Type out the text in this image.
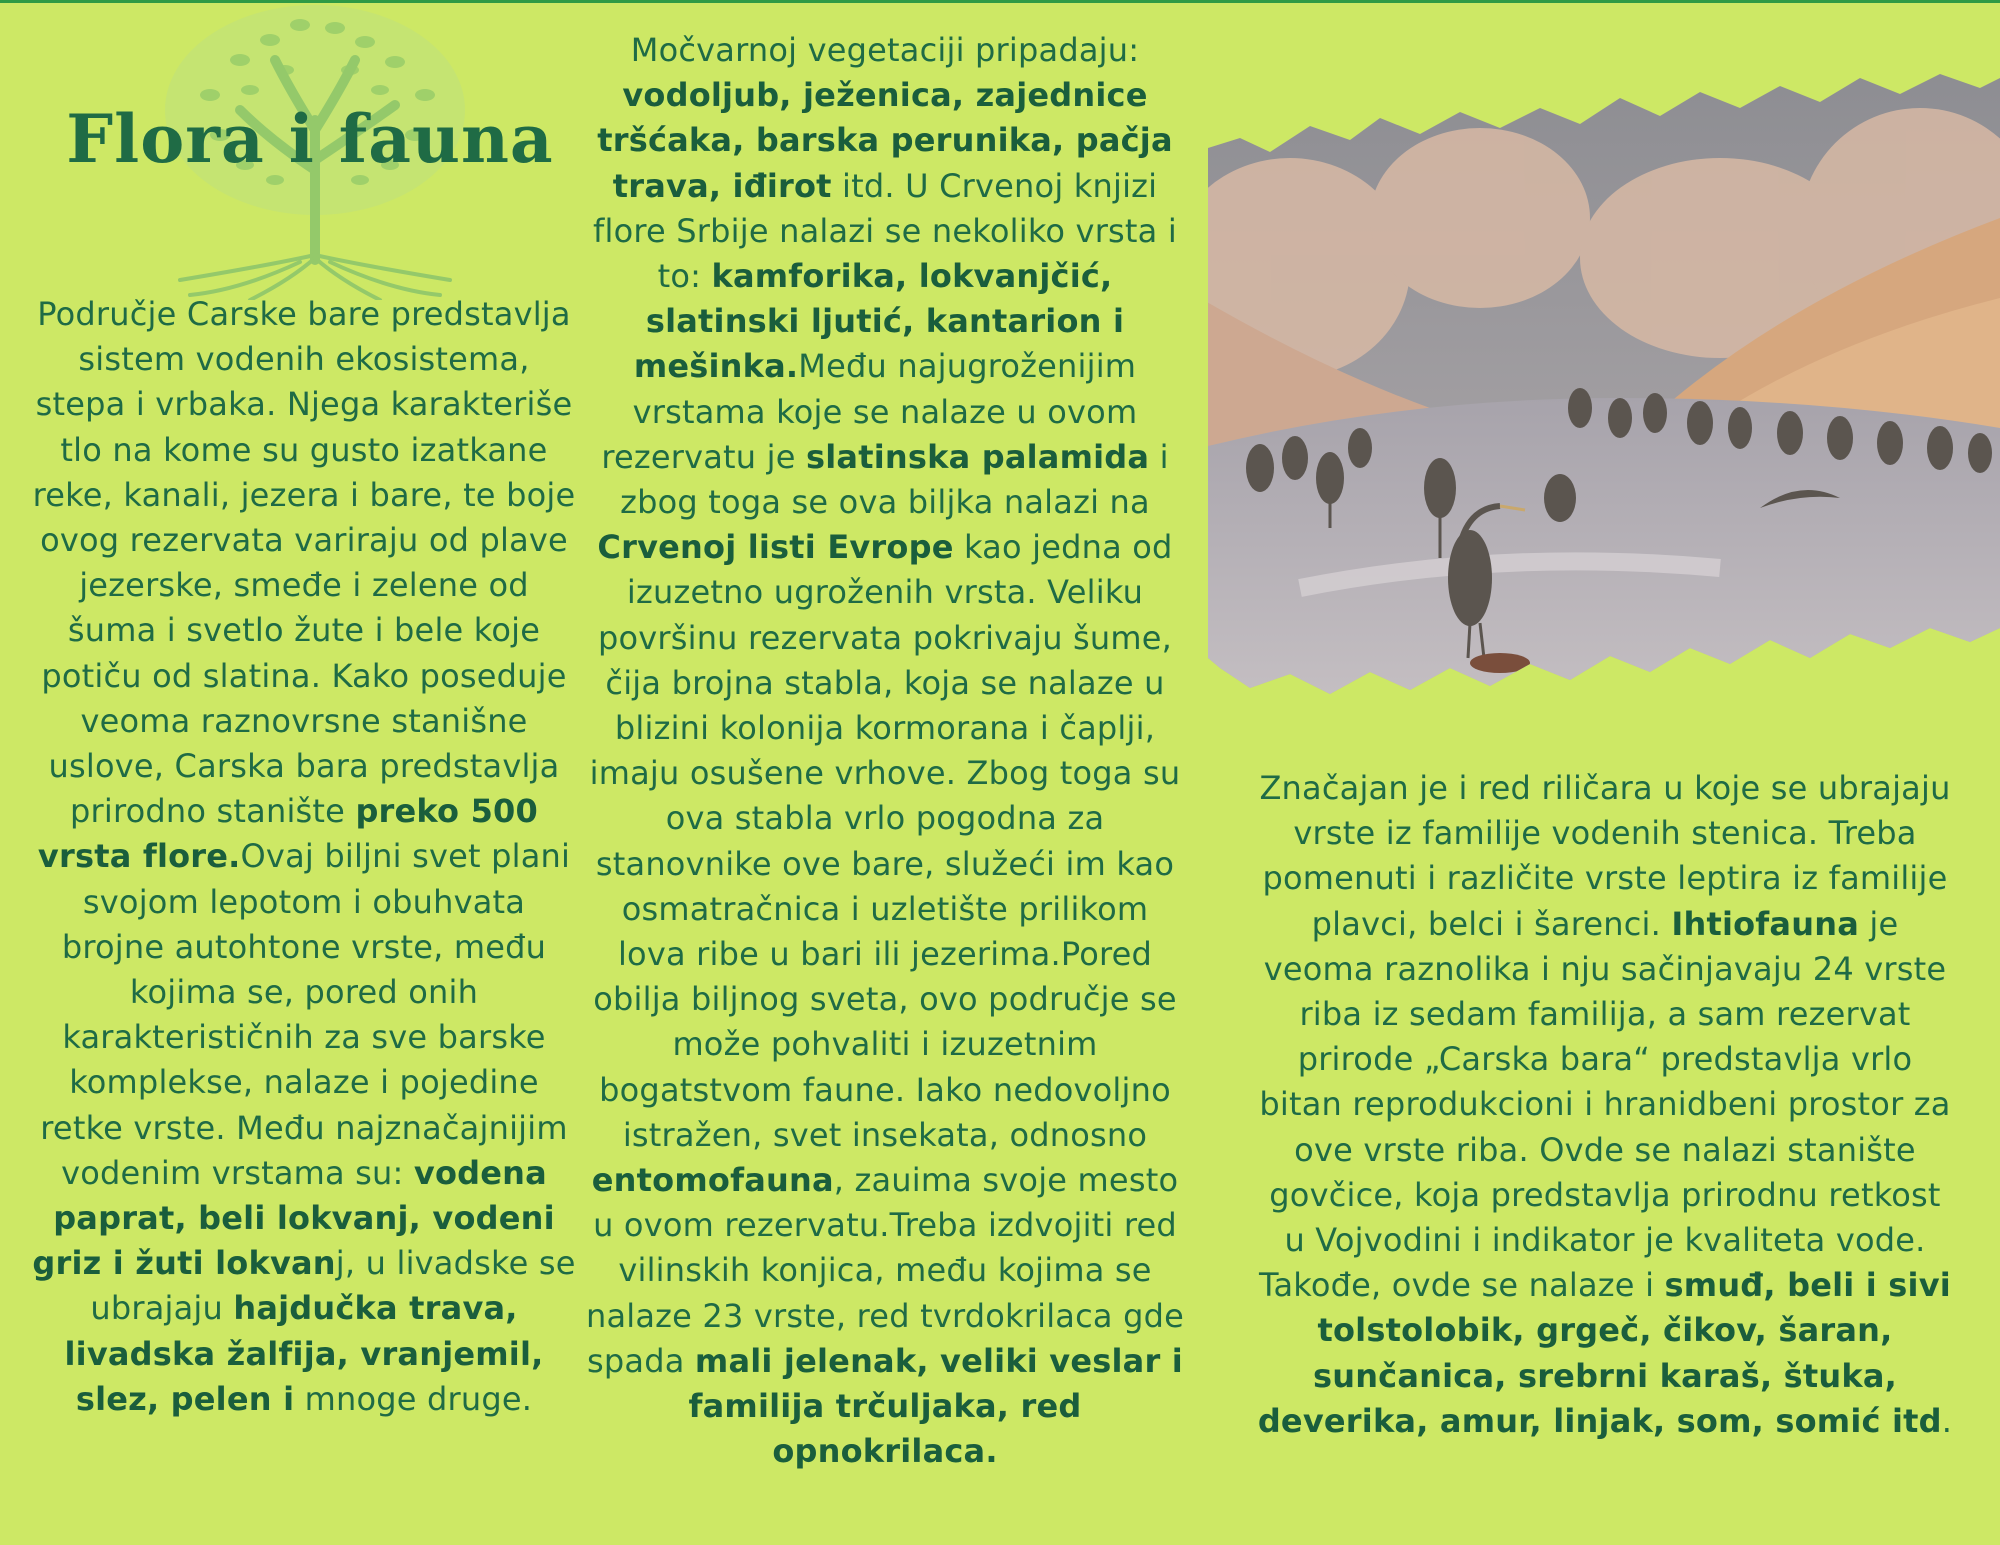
Flora i fauna
Područje Carske bare predstavlja sistem vodenih ekosistema, stepa i vrbaka. Njega karakteriše tlo na kome su gusto izatkane reke, kanali, jezera i bare, te boje ovog rezervata variraju od plave jezerske, smeđe i zelene od šuma i svetlo žute i bele koje potiču od slatina. Kako poseduje veoma raznovrsne stanišne uslove, Carska bara predstavlja prirodno stanište preko 500 vrsta flore.Ovaj biljni svet plani svojom lepotom i obuhvata brojne autohtone vrste, među kojima se, pored onih karakterističnih za sve barske komplekse, nalaze i pojedine retke vrste. Među najznačajnijim vodenim vrstama su: vodena paprat, beli lokvanj, vodeni griz i žuti lokvanj, u livadske se ubrajaju hajdučka trava, livadska žalfija, vranjemil, slez, pelen i mnoge druge.
Močvarnoj vegetaciji pripadaju: vodoljub, ježenica, zajednice tršćaka, barska perunika, pačja trava, iđirot itd. U Crvenoj knjizi flore Srbije nalazi se nekoliko vrsta i to: kamforika, lokvanjčić, slatinski ljutić, kantarion i mešinka.Među najugroženijim vrstama koje se nalaze u ovom rezervatu je slatinska palamida i zbog toga se ova biljka nalazi na Crvenoj listi Evrope kao jedna od izuzetno ugroženih vrsta. Veliku površinu rezervata pokrivaju šume, čija brojna stabla, koja se nalaze u blizini kolonija kormorana i čaplji, imaju osušene vrhove. Zbog toga su ova stabla vrlo pogodna za stanovnike ove bare, služeći im kao osmatračnica i uzletište prilikom lova ribe u bari ili jezerima.Pored obilja biljnog sveta, ovo područje se može pohvaliti i izuzetnim bogatstvom faune. Iako nedovoljno istražen, svet insekata, odnosno entomofauna, zauima svoje mesto u ovom rezervatu.Treba izdvojiti red vilinskih konjica, među kojima se nalaze 23 vrste, red tvrdokrilaca gde spada mali jelenak, veliki veslar i familija trčuljaka, red opnokrilaca.
Značajan je i red riličara u koje se ubrajaju vrste iz familije vodenih stenica. Treba pomenuti i različite vrste leptira iz familije plavci, belci i šarenci. Ihtiofauna je veoma raznolika i nju sačinjavaju 24 vrste riba iz sedam familija, a sam rezervat prirode „Carska bara“ predstavlja vrlo bitan reprodukcioni i hranidbeni prostor za ove vrste riba. Ovde se nalazi stanište govčice, koja predstavlja prirodnu retkost u Vojvodini i indikator je kvaliteta vode. Takođe, ovde se nalaze i smuđ, beli i sivi tolstolobik, grgeč, čikov, šaran, sunčanica, srebrni karaš, štuka, deverika, amur, linjak, som, somić itd.
